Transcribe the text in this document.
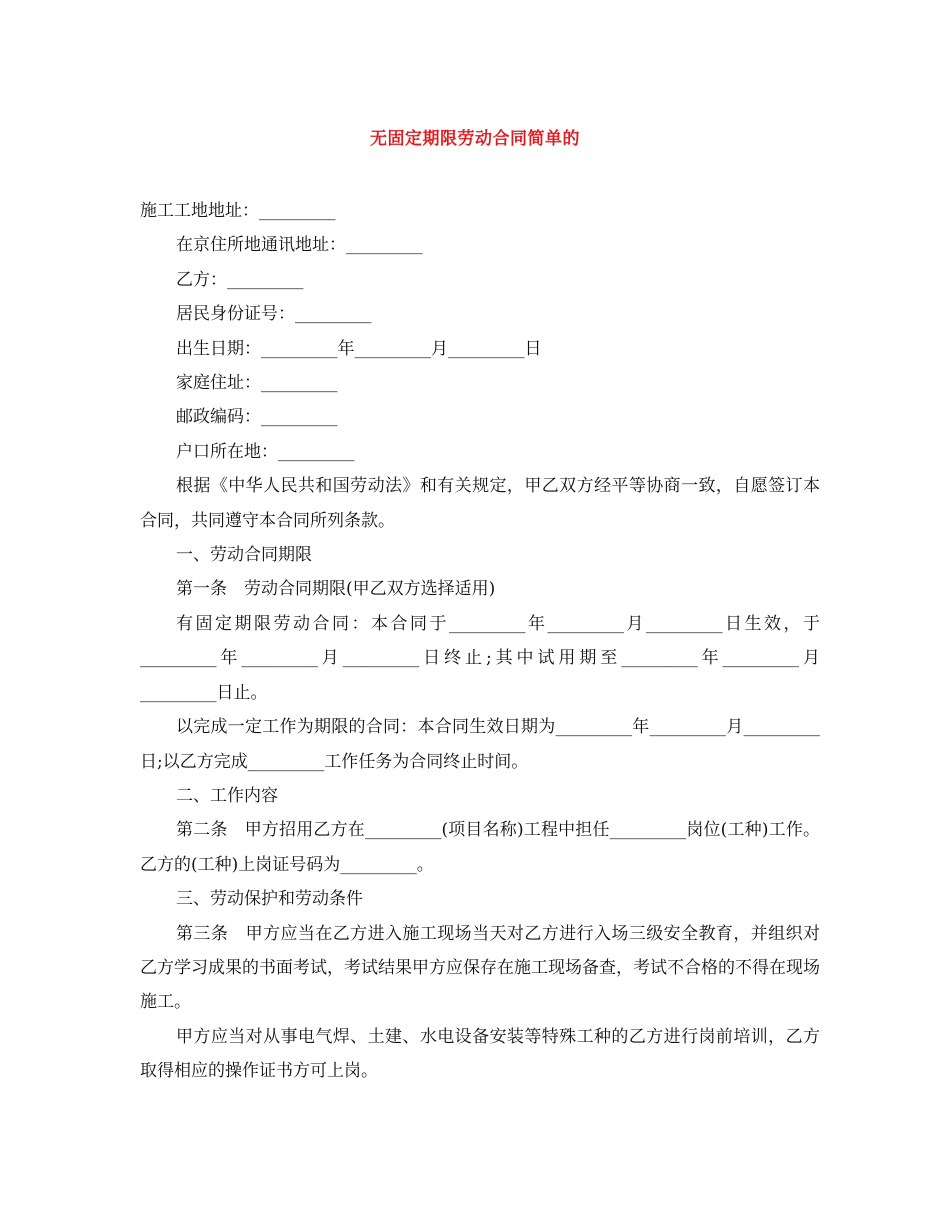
无固定期限劳动合同简单的

施工工地地址：_________

在京住所地通讯地址：_________

乙方：_________

居民身份证号：_________

出生日期：_________年_________月_________日

家庭住址：_________

邮政编码：_________

户口所在地：_________

根据《中华人民共和国劳动法》和有关规定，甲乙双方经平等协商一致，自愿签订本合同，共同遵守本合同所列条款。

一、劳动合同期限

第一条　劳动合同期限(甲乙双方选择适用)

有固定期限劳动合同：本合同于_________年_________月_________日生效，于_________年_________月_________日终止;其中试用期至_________年_________月_________日止。

以完成一定工作为期限的合同：本合同生效日期为_________年_________月_________日;以乙方完成_________工作任务为合同终止时间。

二、工作内容

第二条　甲方招用乙方在_________(项目名称)工程中担任_________岗位(工种)工作。乙方的(工种)上岗证号码为_________。

三、劳动保护和劳动条件

第三条　甲方应当在乙方进入施工现场当天对乙方进行入场三级安全教育，并组织对乙方学习成果的书面考试，考试结果甲方应保存在施工现场备查，考试不合格的不得在现场施工。

甲方应当对从事电气焊、土建、水电设备安装等特殊工种的乙方进行岗前培训，乙方取得相应的操作证书方可上岗。
